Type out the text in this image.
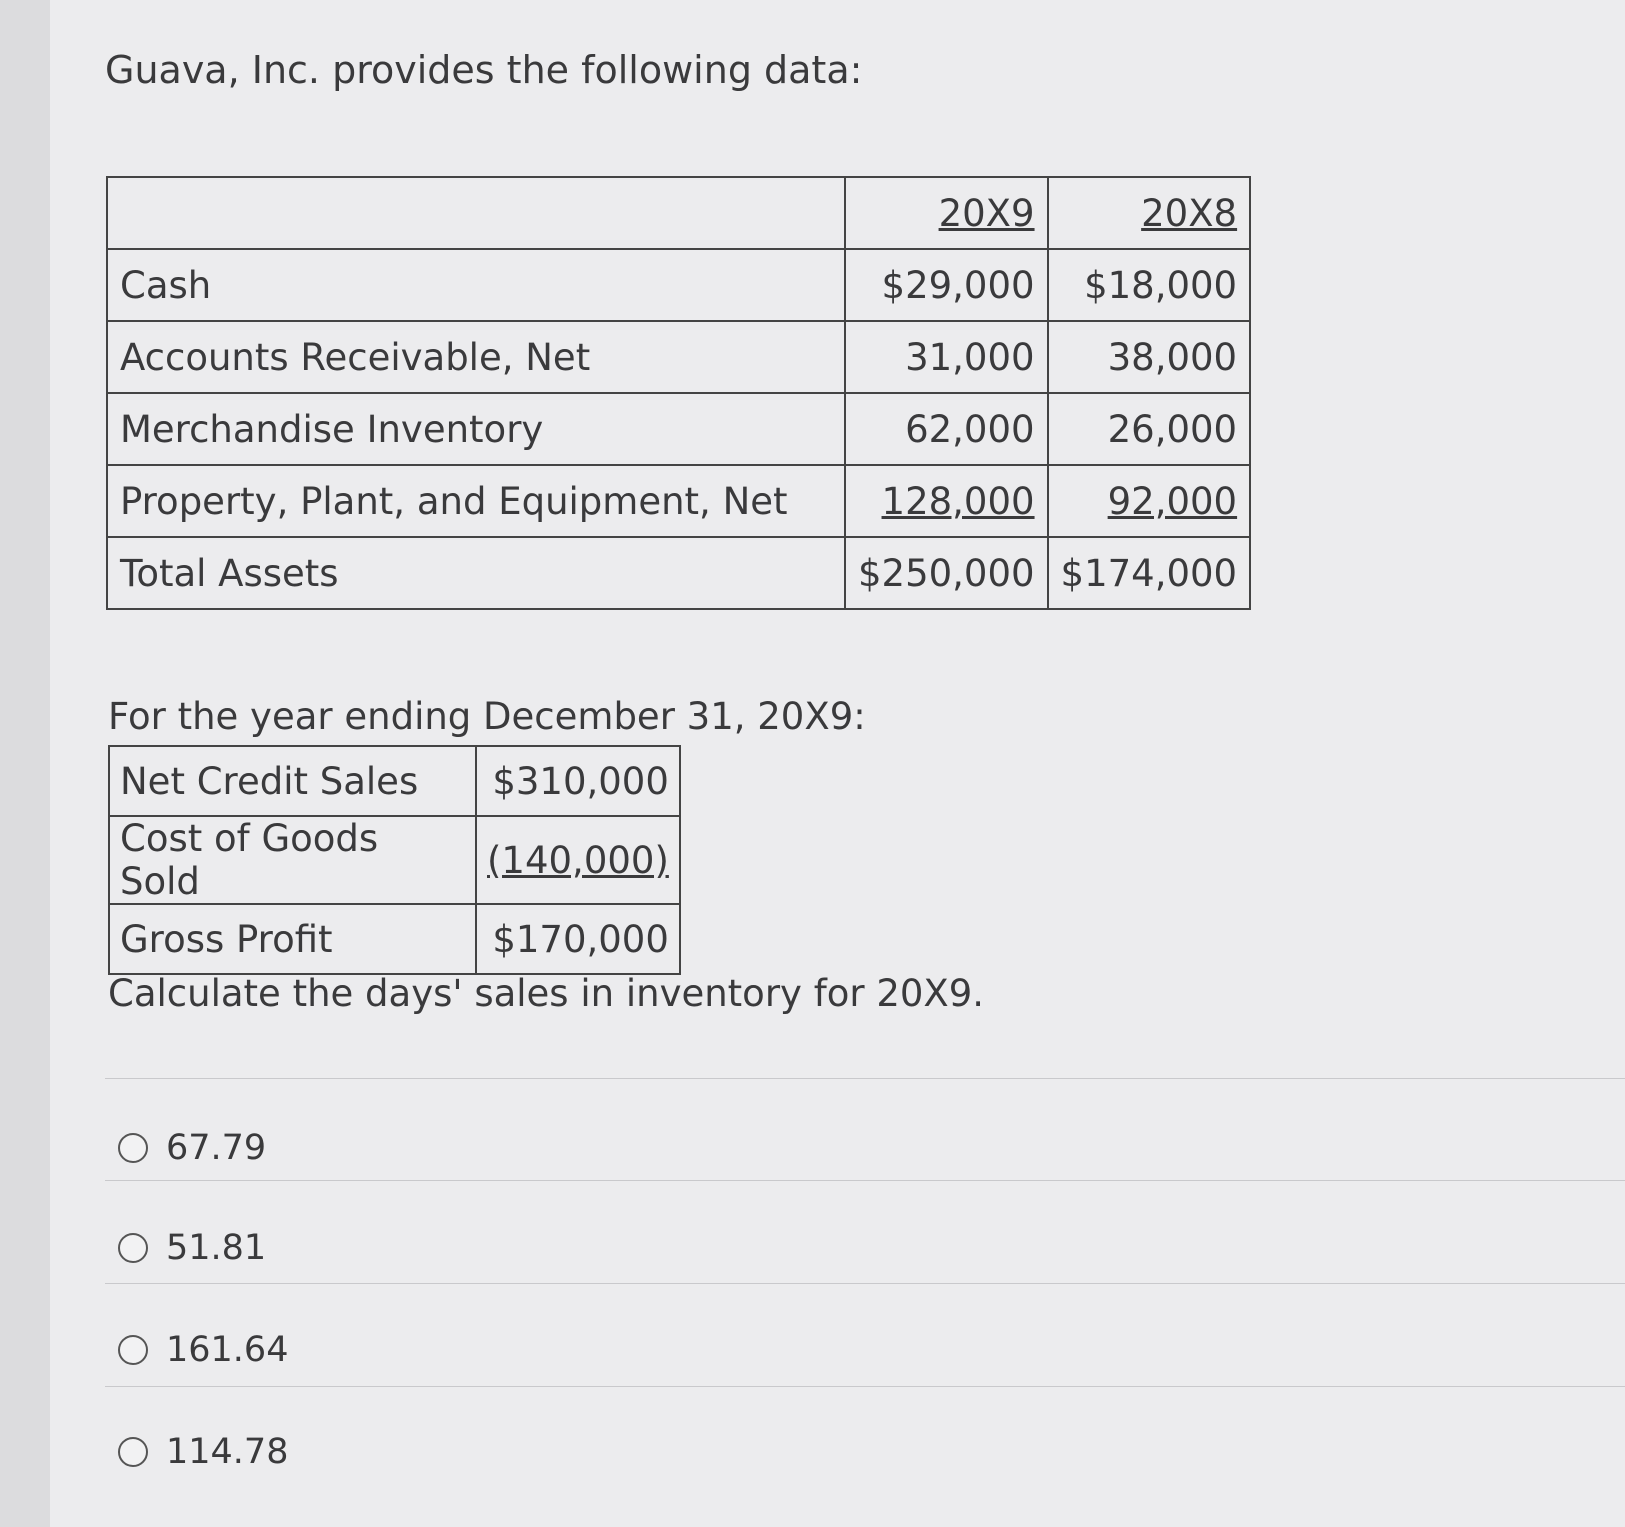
Guava, Inc. provides the following data:
	20X9	20X8
Cash	$29,000	$18,000
Accounts Receivable, Net	31,000	38,000
Merchandise Inventory	62,000	26,000
Property, Plant, and Equipment, Net	128,000	92,000
Total Assets	$250,000	$174,000
For the year ending December 31, 20X9:
Net Credit Sales	$310,000
Cost of Goods Sold	(140,000)
Gross Profit	$170,000
Calculate the days' sales in inventory for 20X9.
67.79
51.81
161.64
114.78
